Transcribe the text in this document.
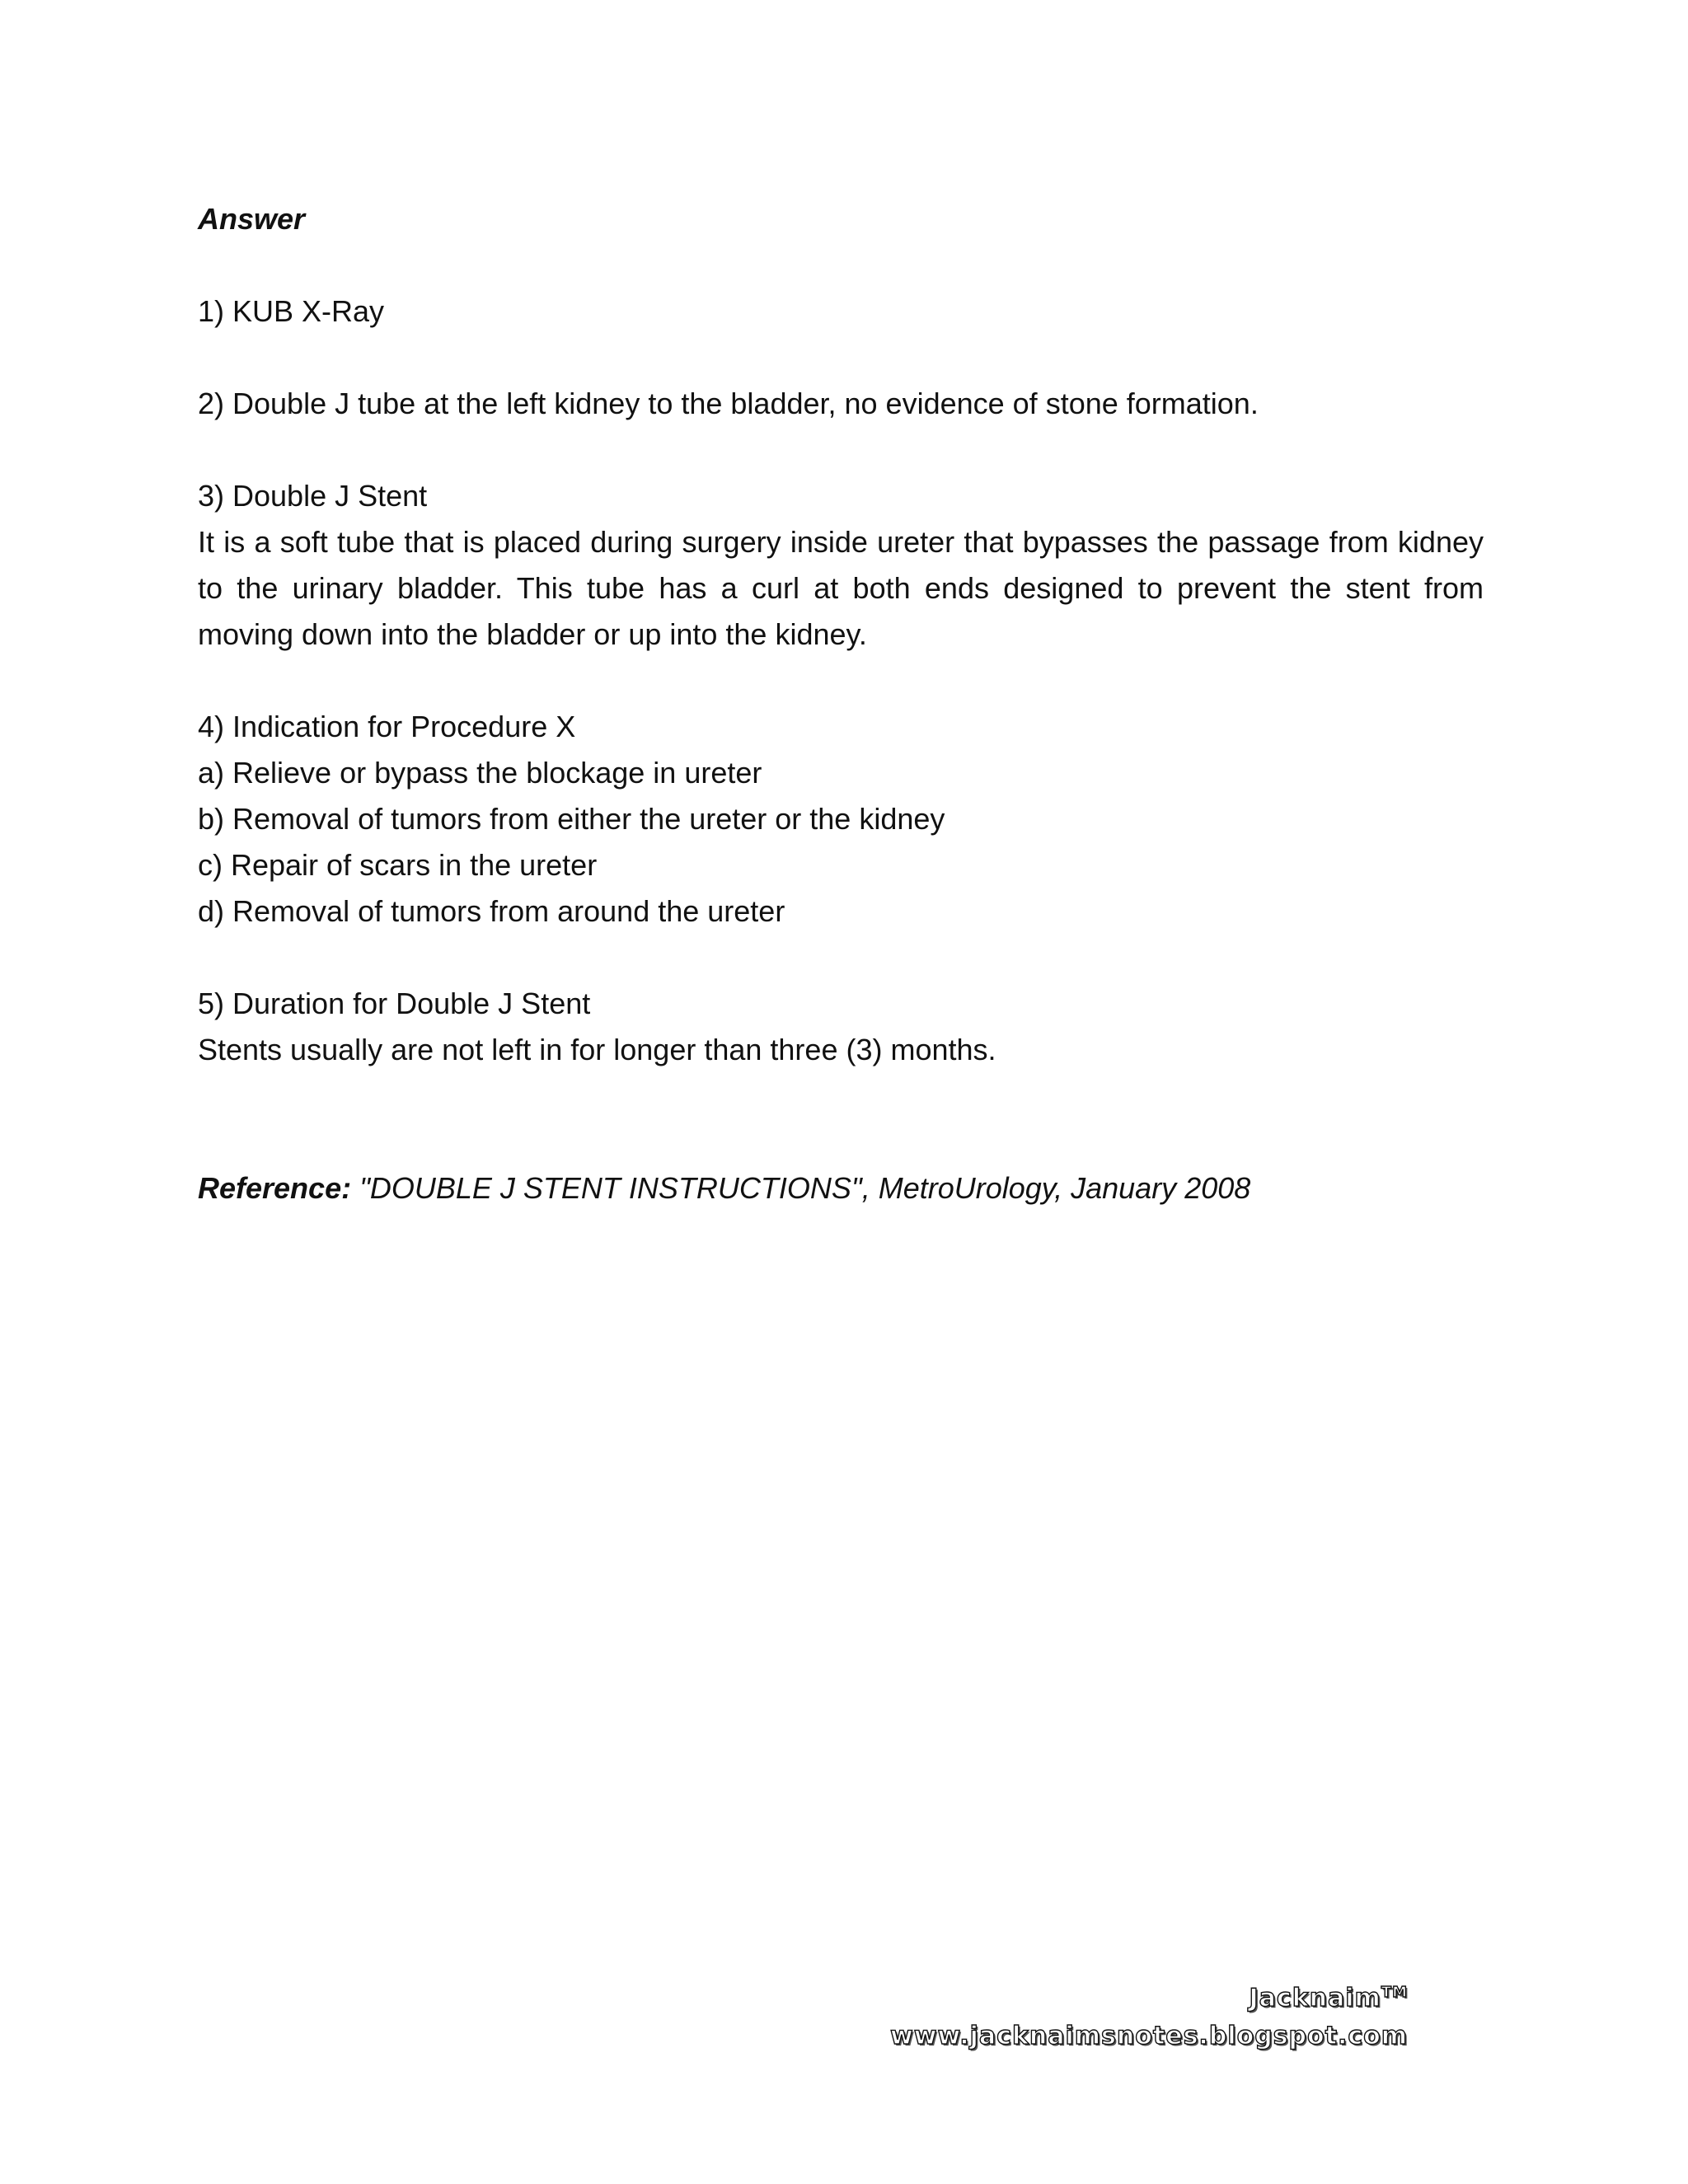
Answer

1) KUB X-Ray
2) Double J tube at the left kidney to the bladder, no evidence of stone formation.
3) Double J Stent

It is a soft tube that is placed during surgery inside ureter that bypasses the passage from kidney to the urinary bladder. This tube has a curl at both ends designed to prevent the stent from moving down into the bladder or up into the kidney.

4) Indication for Procedure X
a) Relieve or bypass the blockage in ureter
b) Removal of tumors from either the ureter or the kidney
c) Repair of scars in the ureter
d) Removal of tumors from around the ureter
5) Duration for Double J Stent
Stents usually are not left in for longer than three (3) months.

Reference: "DOUBLE J STENT INSTRUCTIONS", MetroUrology, January 2008

Jacknaim™
www.jacknaimsnotes.blogspot.com
